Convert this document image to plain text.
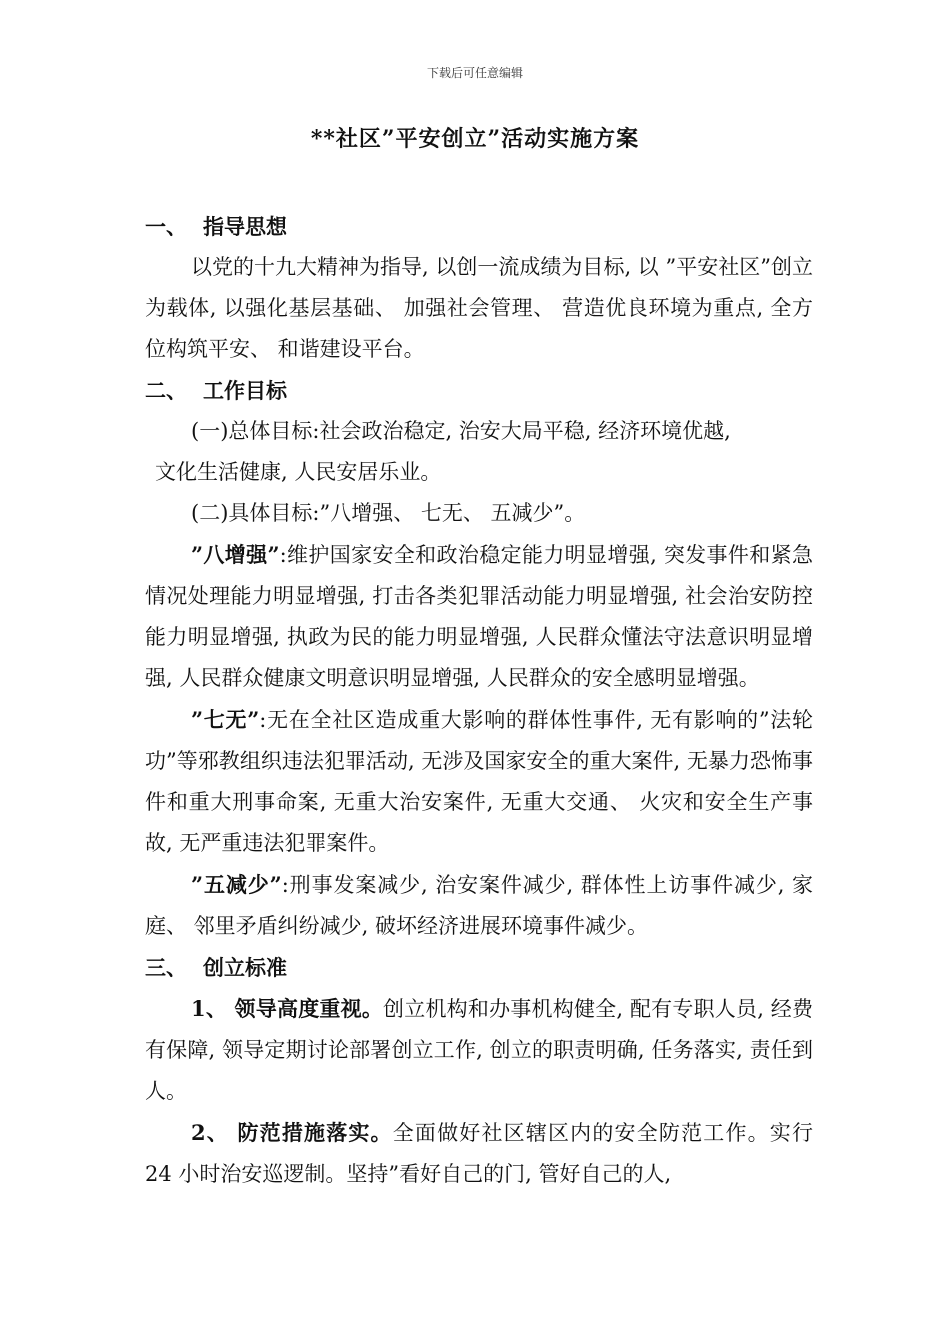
下载后可任意编辑
**社区”平安创立”活动实施方案

一、 指导思想

以党的十九大精神为指导, 以创一流成绩为目标, 以 ”平安社区”创立为载体, 以强化基层基础、 加强社会管理、 营造优良环境为重点, 全方位构筑平安、 和谐建设平台。

二、 工作目标

(一)总体目标:社会政治稳定, 治安大局平稳, 经济环境优越,

文化生活健康, 人民安居乐业。

(二)具体目标:”八增强、 七无、 五减少”。

”八增强”:维护国家安全和政治稳定能力明显增强, 突发事件和紧急情况处理能力明显增强, 打击各类犯罪活动能力明显增强, 社会治安防控能力明显增强, 执政为民的能力明显增强, 人民群众懂法守法意识明显增强, 人民群众健康文明意识明显增强, 人民群众的安全感明显增强。

”七无”:无在全社区造成重大影响的群体性事件, 无有影响的”法轮功”等邪教组织违法犯罪活动, 无涉及国家安全的重大案件, 无暴力恐怖事件和重大刑事命案, 无重大治安案件, 无重大交通、 火灾和安全生产事故, 无严重违法犯罪案件。

”五减少”:刑事发案减少, 治安案件减少, 群体性上访事件减少, 家庭、 邻里矛盾纠纷减少, 破坏经济进展环境事件减少。

三、 创立标准

1、 领导高度重视。创立机构和办事机构健全, 配有专职人员, 经费有保障, 领导定期讨论部署创立工作, 创立的职责明确, 任务落实, 责任到人。

2、 防范措施落实。全面做好社区辖区内的安全防范工作。实行 24 小时治安巡逻制。坚持”看好自己的门, 管好自己的人,
